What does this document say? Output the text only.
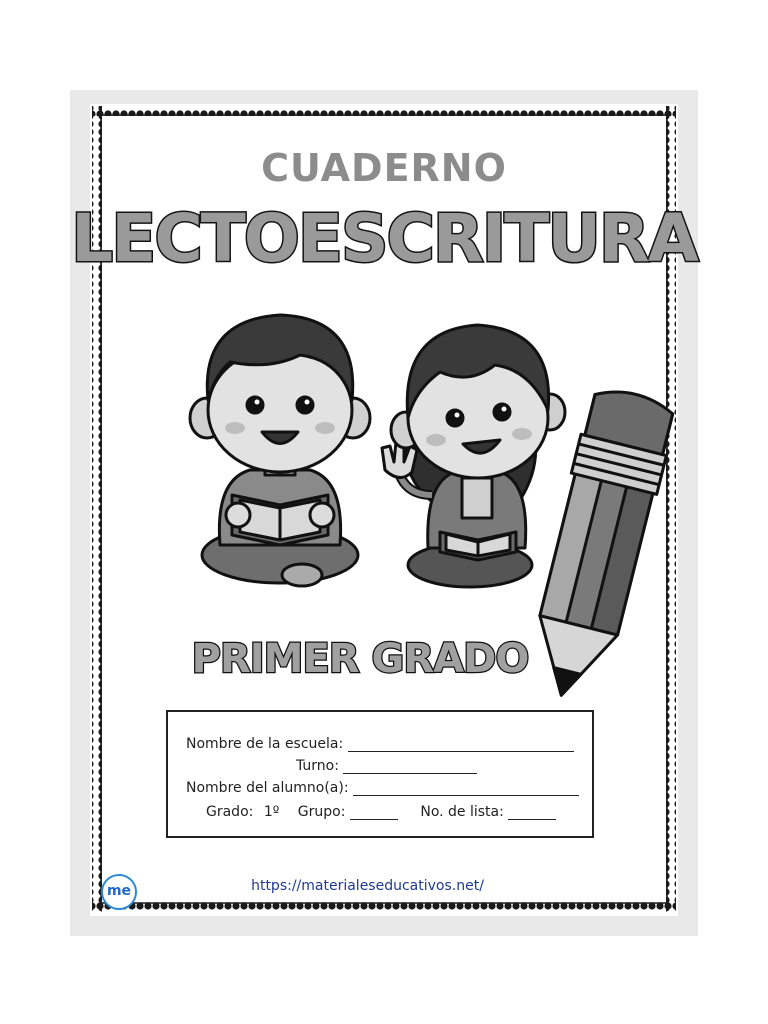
CUADERNO
LECTOESCRITURA
PRIMER GRADO
Nombre de la escuela:
Turno:
Nombre del alumno(a):
Grado: 1º Grupo:	No. de lista:
me	https://materialeseducativos.net/
